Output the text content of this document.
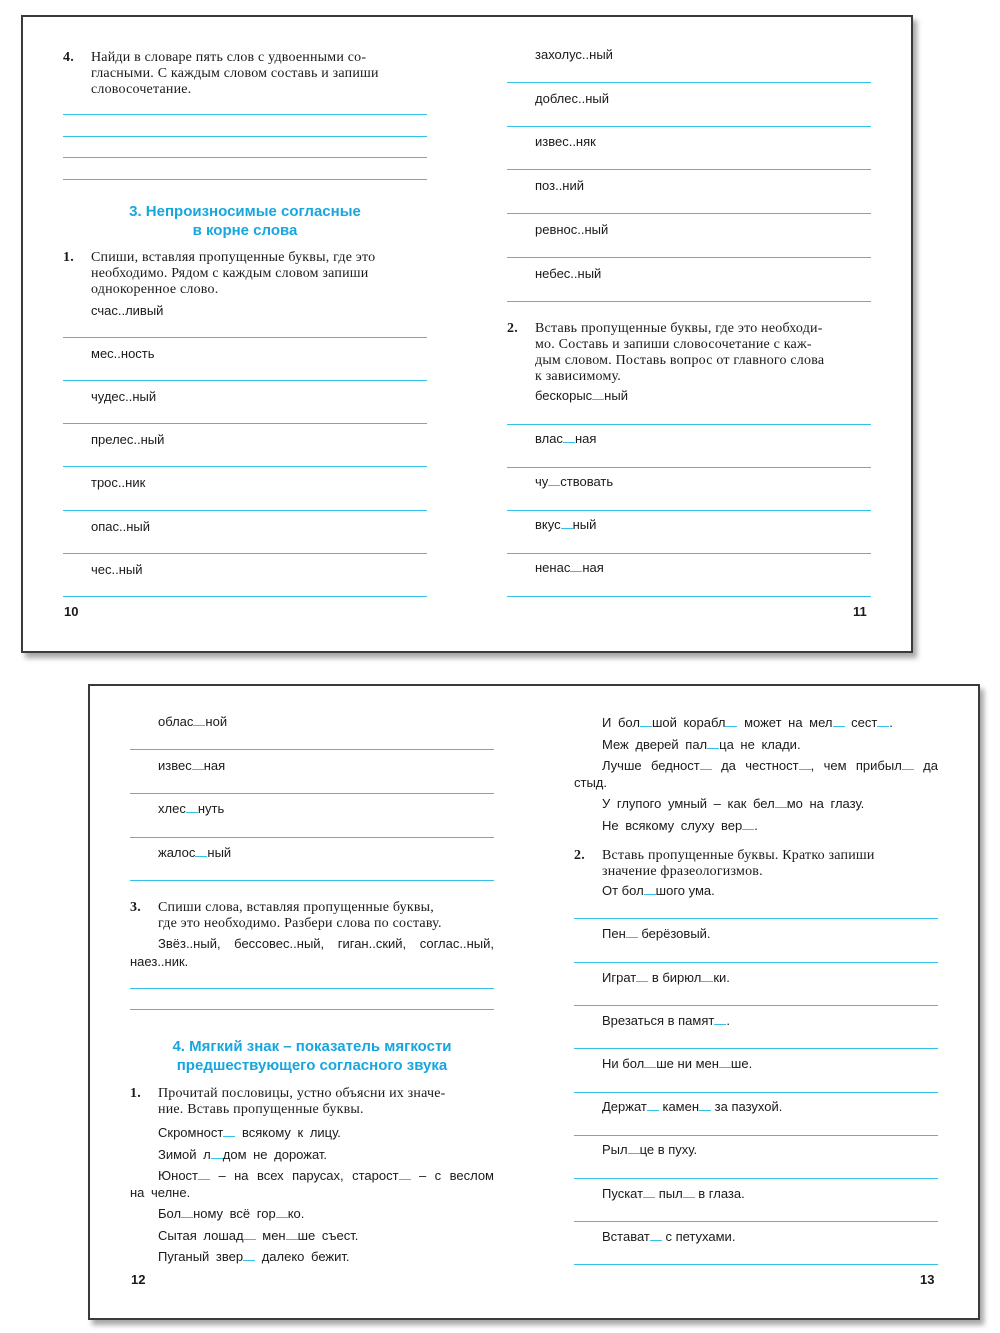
4. Найди в словаре пять слов с удвоенными со-
гласными. С каждым словом составь и запиши
словосочетание.
3. Непроизносимые согласные
в корне слова
1. Спиши, вставляя пропущенные буквы, где это
необходимо. Рядом с каждым словом запиши
однокоренное слово.
счас..ливый
мес..ность
чудес..ный
прелес..ный
трос..ник
опас..ный
чес..ный
10
захолус..ный
доблес..ный
извес..няк
поз..ний
ревнос..ный
небес..ный
2. Вставь пропущенные буквы, где это необходи-
мо. Составь и запиши словосочетание с каж-
дым словом. Поставь вопрос от главного слова
к зависимому.
бескорыс ный
влас ная
чу ствовать
вкус ный
ненас ная
11
облас ной
извес ная
хлес нуть
жалос ный
3. Спиши слова, вставляя пропущенные буквы,
где это необходимо. Разбери слова по составу.
Звёз..ный, бессовес..ный, гиган..ский, соглас..ный,
наез..ник.
4. Мягкий знак – показатель мягкости
предшествующего согласного звука
1. Прочитай пословицы, устно объясни их значе-
ние. Вставь пропущенные буквы.
Скромност всякому к лицу.
Зимой л дом не дорожат.
Юност – на всех парусах, старост – с веслом
на челне.
Бол ному всё гор ко.
Сытая лошад мен ше съест.
Пуганый звер далеко бежит.
12
И бол шой корабл может на мел сест .
Меж дверей пал ца не клади.
Лучше бедност да честност , чем прибыл да
стыд.
У глупого умный – как бел мо на глазу.
Не всякому слуху вер .
2. Вставь пропущенные буквы. Кратко запиши
значение фразеологизмов.
От бол шого ума.
Пен берёзовый.
Играт в бирюл ки.
Врезаться в памят .
Ни бол ше ни мен ше.
Держат камен за пазухой.
Рыл це в пуху.
Пускат пыл в глаза.
Встават с петухами.
13
